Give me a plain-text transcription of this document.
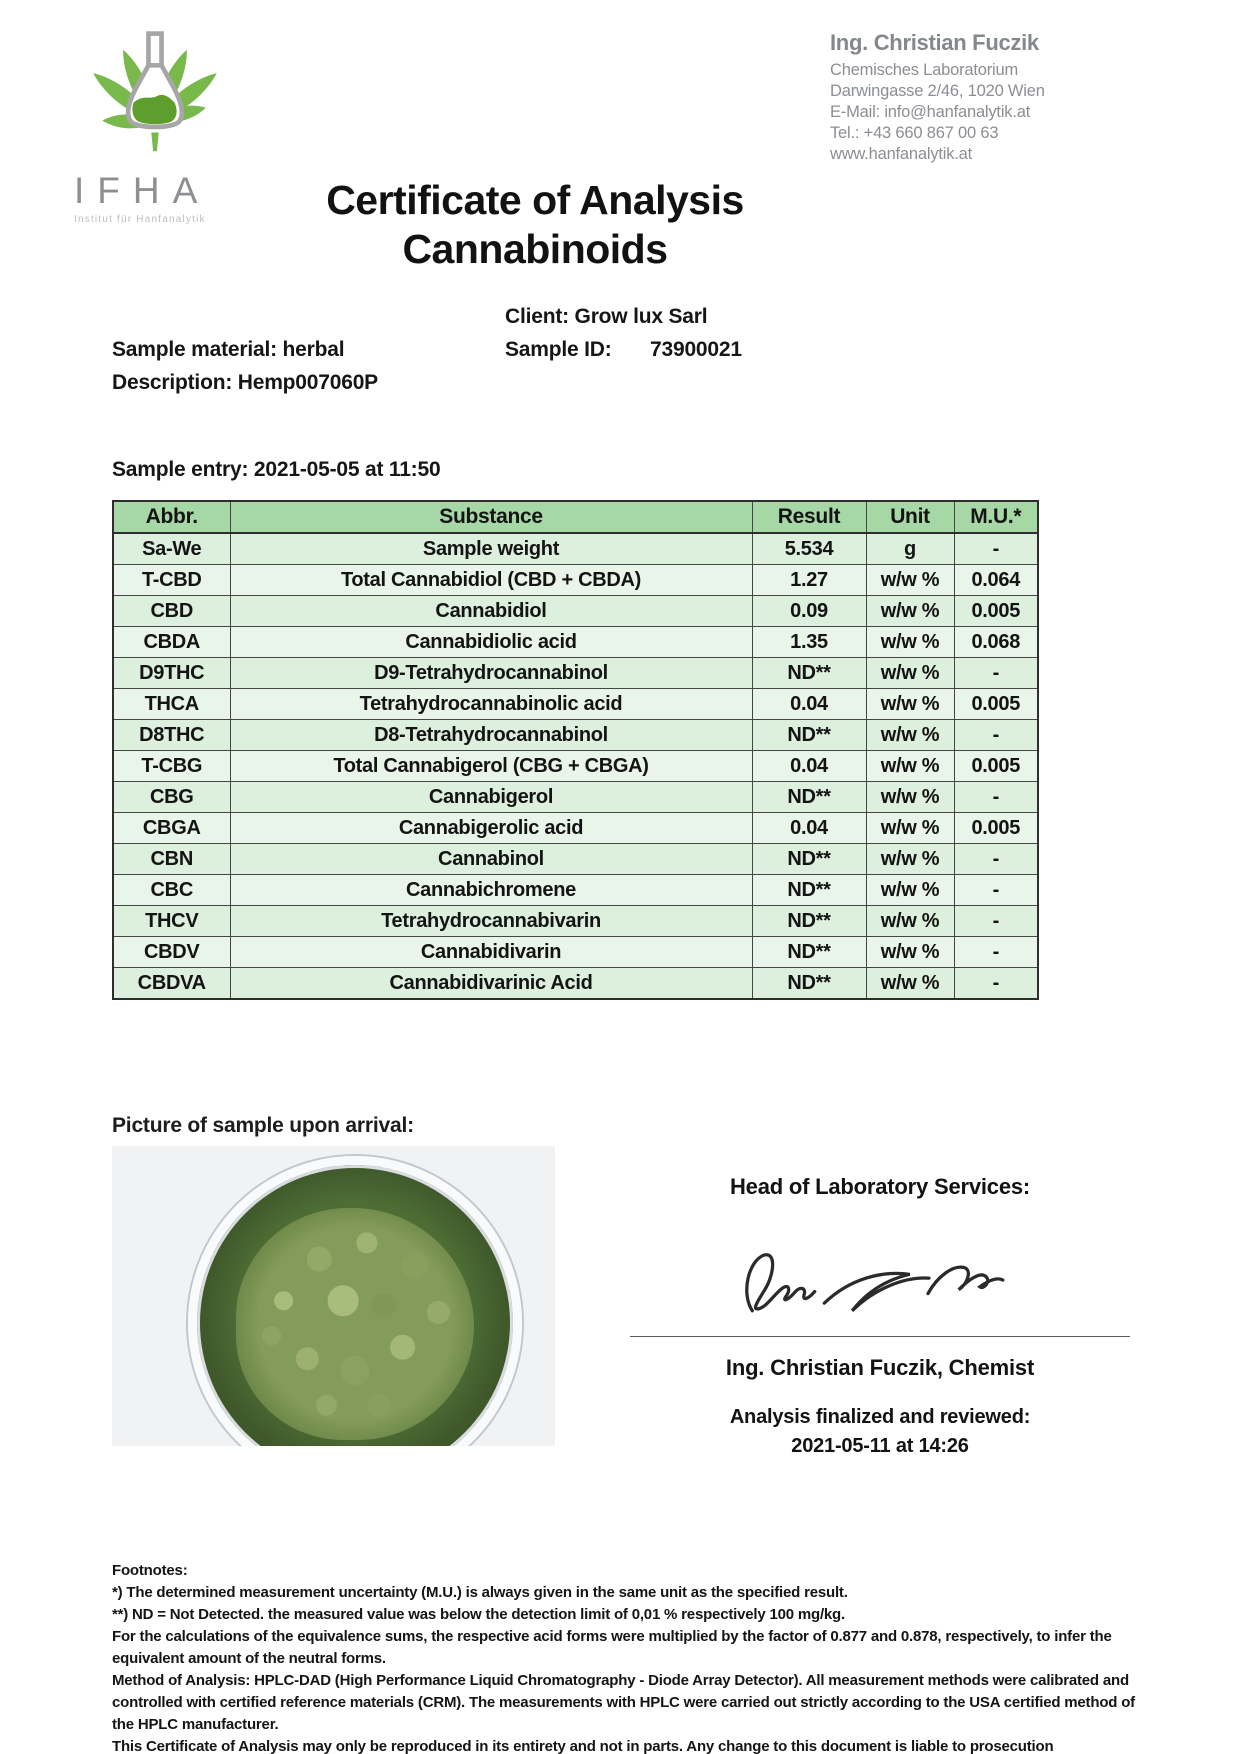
IFHA
Institut für Hanfanalytik
Ing. Christian Fuczik
Chemisches Laboratorium
Darwingasse 2/46, 1020 Wien
E-Mail: info@hanfanalytik.at
Tel.: +43 660 867 00 63
www.hanfanalytik.at
Certificate of Analysis
Cannabinoids
Client: Grow lux Sarl
Sample ID:	73900021
Sample material: herbal
Description: Hemp007060P
Sample entry: 2021-05-05 at 11:50
Abbr.	Substance	Result	Unit	M.U.*
Sa-We	Sample weight	5.534	g	-
T-CBD	Total Cannabidiol (CBD + CBDA)	1.27	w/w %	0.064
CBD	Cannabidiol	0.09	w/w %	0.005
CBDA	Cannabidiolic acid	1.35	w/w %	0.068
D9THC	D9-Tetrahydrocannabinol	ND**	w/w %	-
THCA	Tetrahydrocannabinolic acid	0.04	w/w %	0.005
D8THC	D8-Tetrahydrocannabinol	ND**	w/w %	-
T-CBG	Total Cannabigerol (CBG + CBGA)	0.04	w/w %	0.005
CBG	Cannabigerol	ND**	w/w %	-
CBGA	Cannabigerolic acid	0.04	w/w %	0.005
CBN	Cannabinol	ND**	w/w %	-
CBC	Cannabichromene	ND**	w/w %	-
THCV	Tetrahydrocannabivarin	ND**	w/w %	-
CBDV	Cannabidivarin	ND**	w/w %	-
CBDVA	Cannabidivarinic Acid	ND**	w/w %	-
Picture of sample upon arrival:
Head of Laboratory Services:
Ing. Christian Fuczik, Chemist
Analysis finalized and reviewed:
2021-05-11 at 14:26

Footnotes:

*) The determined measurement uncertainty (M.U.) is always given in the same unit as the specified result.

**) ND = Not Detected. the measured value was below the detection limit of 0,01 % respectively 100 mg/kg.

For the calculations of the equivalence sums, the respective acid forms were multiplied by the factor of 0.877 and 0.878, respectively, to infer the equivalent amount of the neutral forms.

Method of Analysis: HPLC-DAD (High Performance Liquid Chromatography - Diode Array Detector). All measurement methods were calibrated and controlled with certified reference materials (CRM). The measurements with HPLC were carried out strictly according to the USA certified method of the HPLC manufacturer.

This Certificate of Analysis may only be reproduced in its entirety and not in parts. Any change to this document is liable to prosecution
